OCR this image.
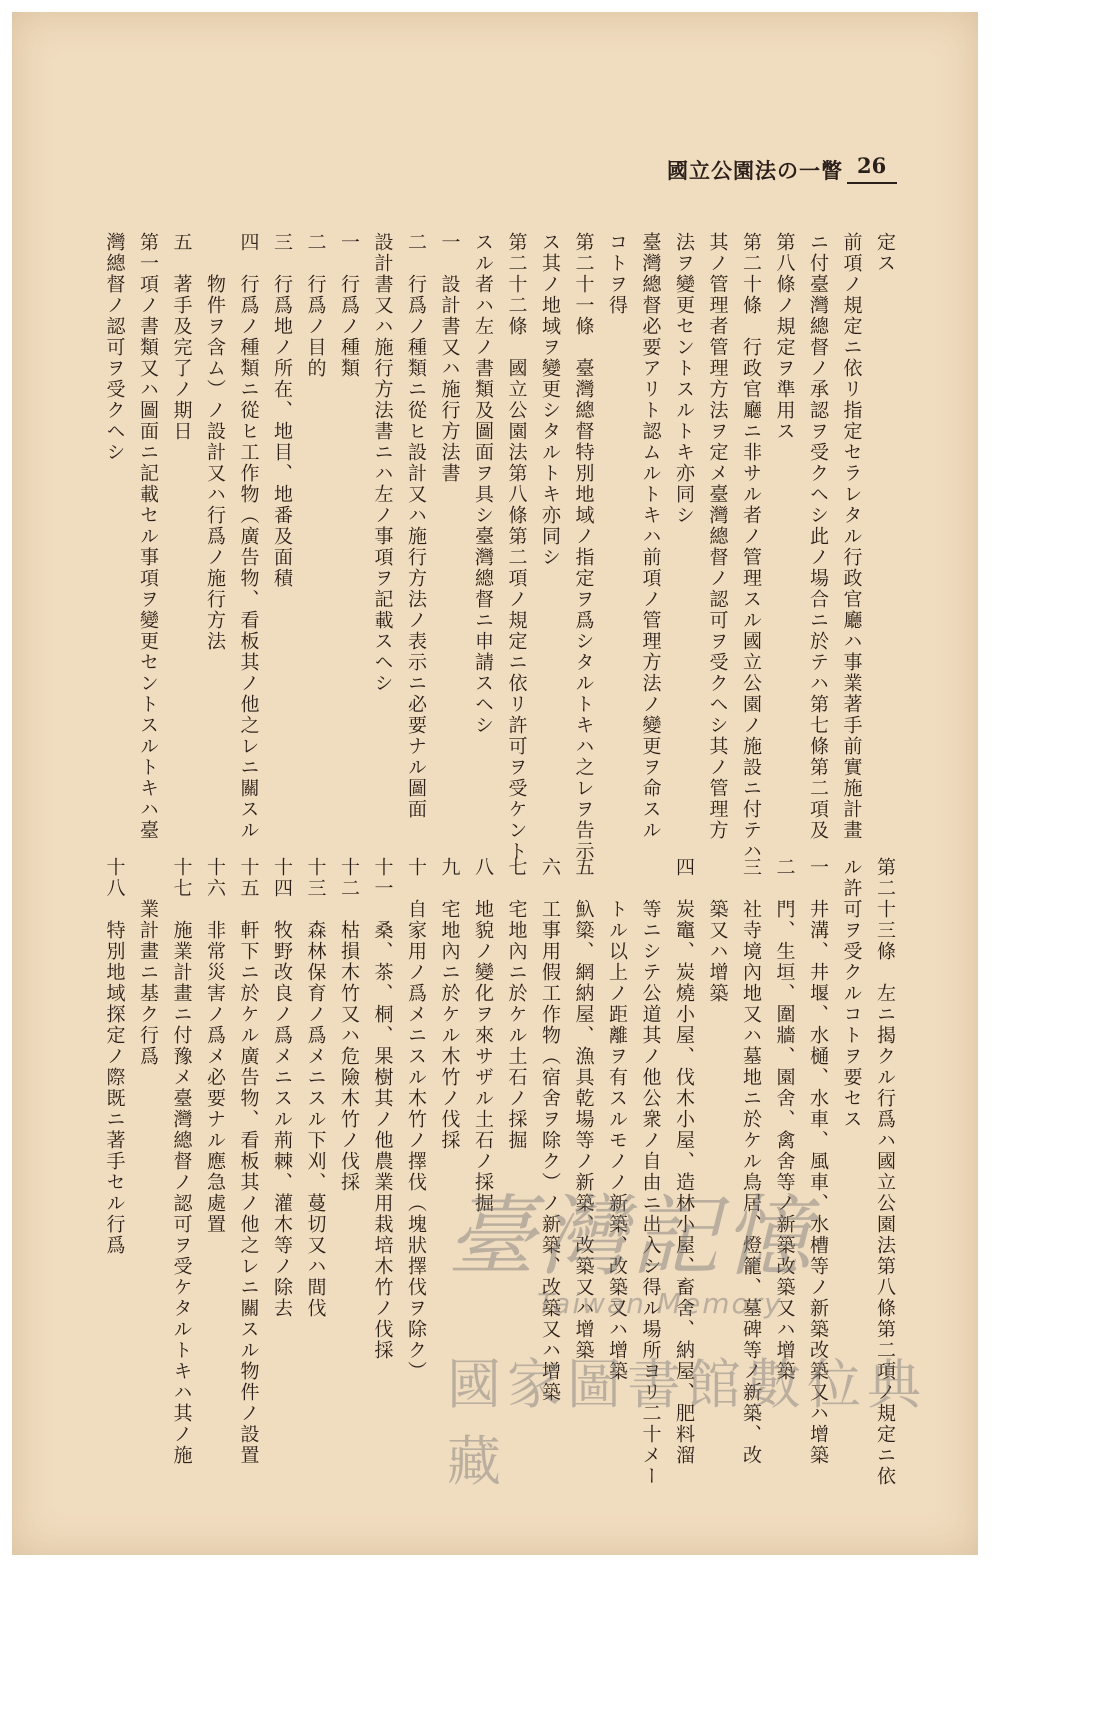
國立公園法の一瞥 26
定ス
前項ノ規定ニ依リ指定セラレタル行政官廳ハ事業著手前實施計畫
ニ付臺灣總督ノ承認ヲ受クヘシ此ノ場合ニ於テハ第七條第二項及
第八條ノ規定ヲ準用ス
第二十條　行政官廳ニ非サル者ノ管理スル國立公園ノ施設ニ付テハ
其ノ管理者管理方法ヲ定メ臺灣總督ノ認可ヲ受クヘシ其ノ管理方
法ヲ變更セントスルトキ亦同シ
臺灣總督必要アリト認ムルトキハ前項ノ管理方法ノ變更ヲ命スル
コトヲ得
第二十一條　臺灣總督特別地域ノ指定ヲ爲シタルトキハ之レヲ告示
ス其ノ地域ヲ變更シタルトキ亦同シ
第二十二條　國立公園法第八條第二項ノ規定ニ依リ許可ヲ受ケント
スル者ハ左ノ書類及圖面ヲ具シ臺灣總督ニ申請スヘシ
一　設計書又ハ施行方法書
二　行爲ノ種類ニ從ヒ設計又ハ施行方法ノ表示ニ必要ナル圖面
設計書又ハ施行方法書ニハ左ノ事項ヲ記載スヘシ
一　行爲ノ種類
二　行爲ノ目的
三　行爲地ノ所在、地目、地番及面積
四　行爲ノ種類ニ從ヒ工作物（廣告物、看板其ノ他之レニ關スル
　　物件ヲ含ム）ノ設計又ハ行爲ノ施行方法
五　著手及完了ノ期日
第一項ノ書類又ハ圖面ニ記載セル事項ヲ變更セントスルトキハ臺
灣總督ノ認可ヲ受クヘシ
第二十三條　左ニ揭クル行爲ハ國立公園法第八條第二項ノ規定ニ依
ル許可ヲ受クルコトヲ要セス
一　井溝、井堰、水樋、水車、風車、水槽等ノ新築改築又ハ增築
二　門、生垣、圍牆、園舍、禽舍等ノ新築改築又ハ增築
三　社寺境內地又ハ墓地ニ於ケル鳥居、燈籠、墓碑等ノ新築、改
　　築又ハ增築
四　炭竈、炭燒小屋、伐木小屋、造林小屋、畜舍、納屋、肥料溜
　　等ニシテ公道其ノ他公衆ノ自由ニ出入シ得ル場所ヨリ二十メー
　　トル以上ノ距離ヲ有スルモノノ新築、改築又ハ增築
五　魞簗、網納屋、漁具乾場等ノ新築、改築又ハ增築
六　工事用假工作物（宿舍ヲ除ク）ノ新築、改築又ハ增築
七　宅地內ニ於ケル土石ノ採掘
八　地貌ノ變化ヲ來サザル土石ノ採掘
九　宅地內ニ於ケル木竹ノ伐採
十　自家用ノ爲メニスル木竹ノ擇伐（塊狀擇伐ヲ除ク）
十一　桑、茶、桐、果樹其ノ他農業用栽培木竹ノ伐採
十二　枯損木竹又ハ危險木竹ノ伐採
十三　森林保育ノ爲メニスル下刈、蔓切又ハ間伐
十四　牧野改良ノ爲メニスル荊棘、灌木等ノ除去
十五　軒下ニ於ケル廣告物、看板其ノ他之レニ關スル物件ノ設置
十六　非常災害ノ爲メ必要ナル應急處置
十七　施業計畫ニ付豫メ臺灣總督ノ認可ヲ受ケタルトキハ其ノ施
　　業計畫ニ基ク行爲
十八　特別地域探定ノ際既ニ著手セル行爲	臺灣記憶
Taiwan Memory
國家圖書館數位典藏
